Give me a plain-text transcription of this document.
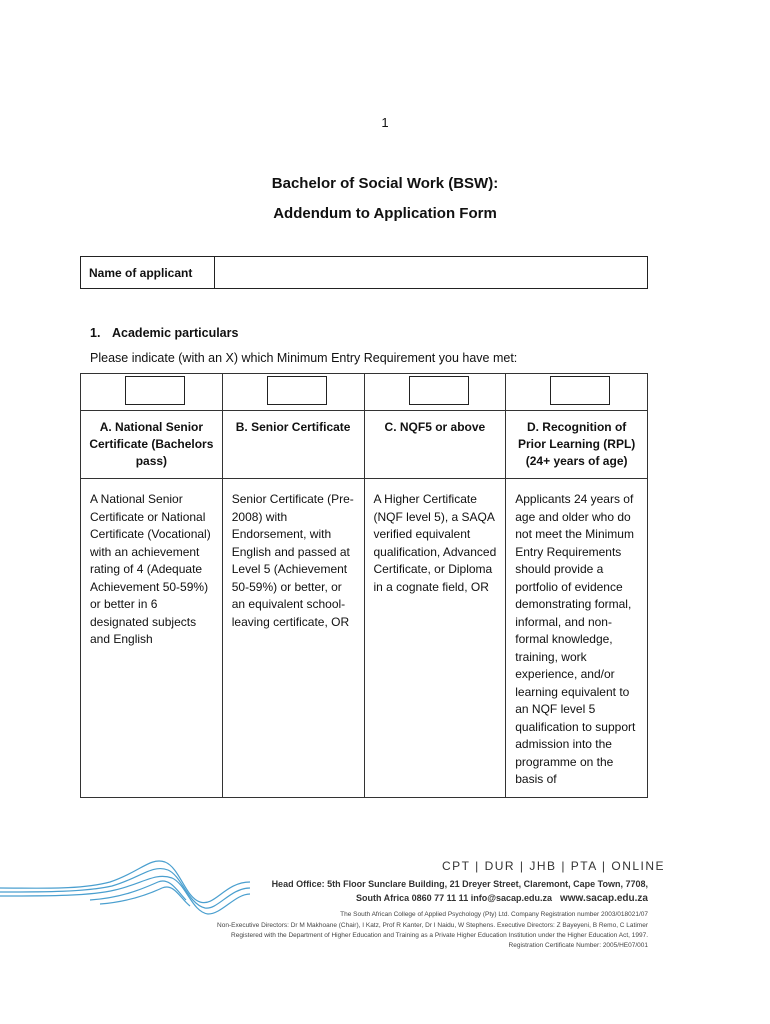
1
Bachelor of Social Work (BSW):
Addendum to Application Form
Name of applicant
1. Academic particulars
Please indicate (with an X) which Minimum Entry Requirement you have met:
A. National Senior Certificate (Bachelors pass)
A National Senior Certificate or National Certificate (Vocational) with an achievement rating of 4 (Adequate Achievement 50-59%) or better in 6 designated subjects and English
B. Senior Certificate
Senior Certificate (Pre- 2008) with Endorsement, with English and passed at Level 5 (Achievement 50-59%) or better, or an equivalent school-leaving certificate, OR
C. NQF5 or above
A Higher Certificate (NQF level 5), a SAQA verified equivalent qualification, Advanced Certificate, or Diploma in a cognate field, OR
D. Recognition of Prior Learning (RPL) (24+ years of age)
Applicants 24 years of age and older who do not meet the Minimum Entry Requirements should provide a portfolio of evidence demonstrating formal, informal, and non-formal knowledge, training, work experience, and/or learning equivalent to an NQF level 5 qualification to support admission into the programme on the basis of
CPT | DUR | JHB | PTA | ONLINE
Head Office: 5th Floor Sunclare Building, 21 Dreyer Street, Claremont, Cape Town, 7708,
South Africa 0860 77 11 11 info@sacap.edu.za www.sacap.edu.za
The South African College of Applied Psychology (Pty) Ltd. Company Registration number 2003/018021/07
Non-Executive Directors: Dr M Makhoane (Chair), I Katz, Prof R Kanter, Dr I Naidu, W Stephens. Executive Directors: Z Bayeyeni, B Remo, C Latimer
Registered with the Department of Higher Education and Training as a Private Higher Education Institution under the Higher Education Act, 1997.
Registration Certificate Number: 2005/HE07/001
